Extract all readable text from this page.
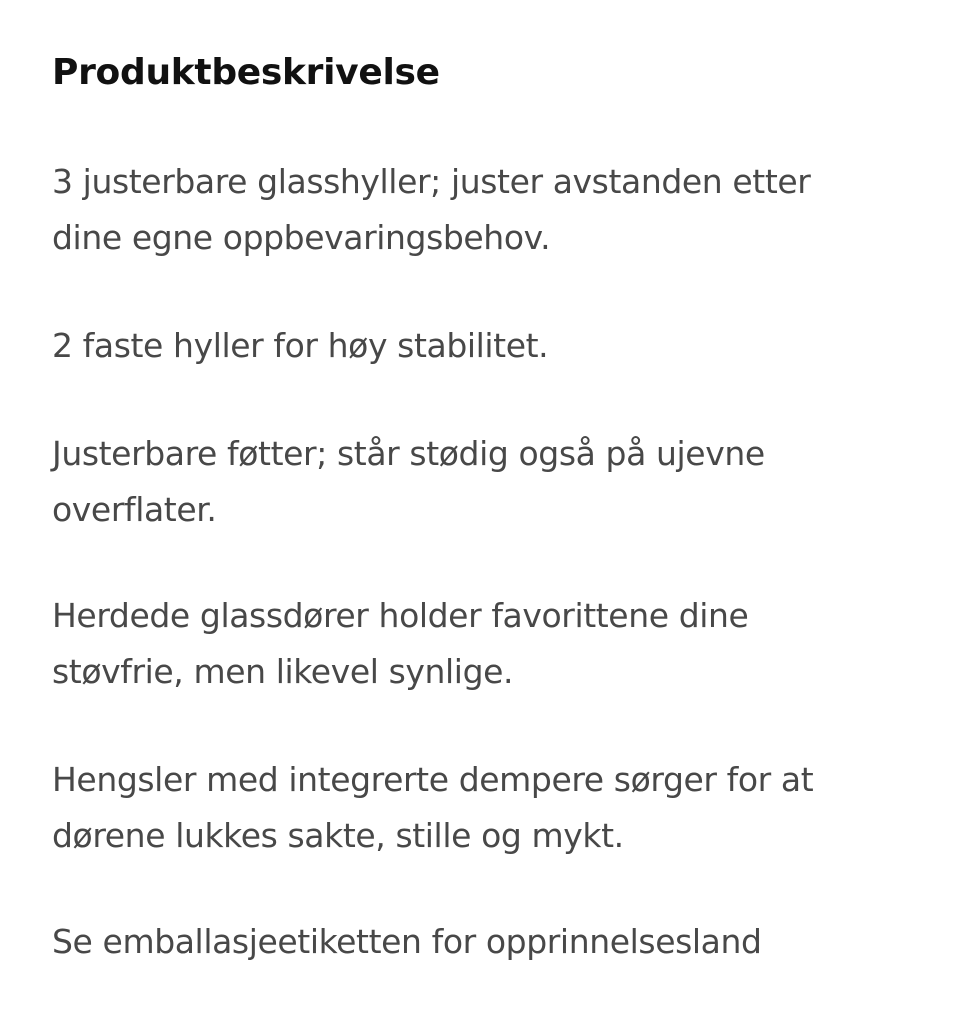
Produktbeskrivelse

3 justerbare glasshyller; juster avstanden etter
dine egne oppbevaringsbehov.

2 faste hyller for høy stabilitet.

Justerbare føtter; står stødig også på ujevne
overflater.

Herdede glassdører holder favorittene dine
støvfrie, men likevel synlige.

Hengsler med integrerte dempere sørger for at
dørene lukkes sakte, stille og mykt.

Se emballasjeetiketten for opprinnelsesland
